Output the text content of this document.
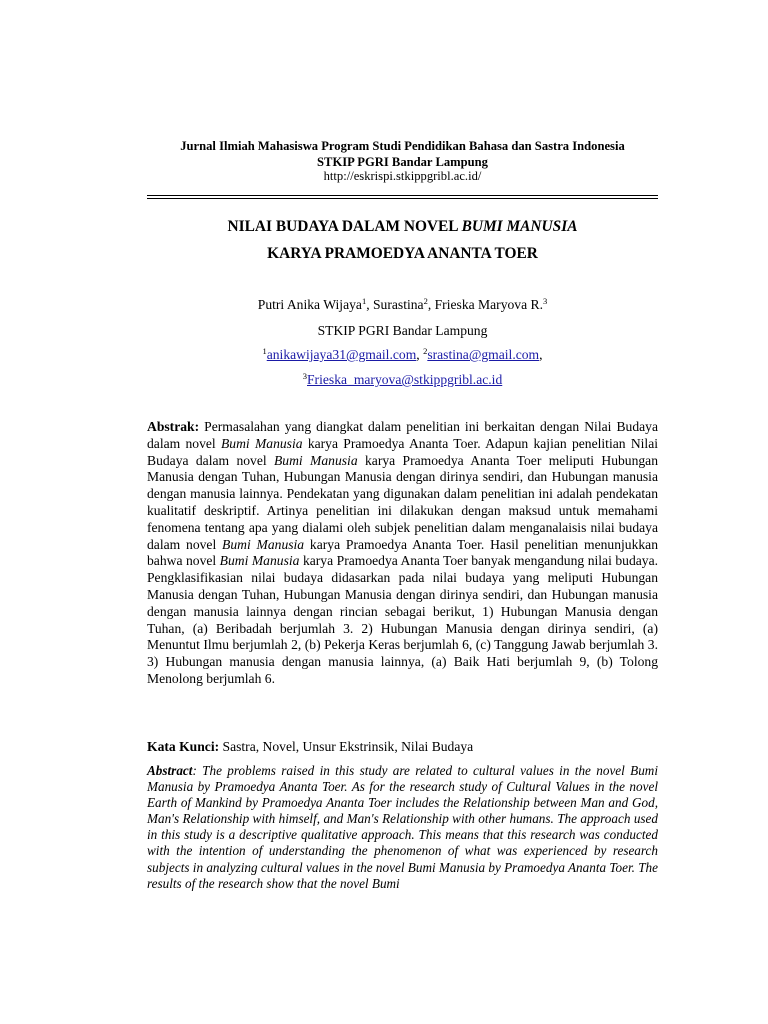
Jurnal Ilmiah Mahasiswa Program Studi Pendidikan Bahasa dan Sastra Indonesia
STKIP PGRI Bandar Lampung
http://eskrispi.stkippgribl.ac.id/
NILAI BUDAYA DALAM NOVEL BUMI MANUSIA
KARYA PRAMOEDYA ANANTA TOER
Putri Anika Wijaya$^1$, Surastina$^2$, Frieska Maryova R.$^3$
STKIP PGRI Bandar Lampung
$^1$anikawijaya31@gmail.com, $^2$srastina@gmail.com,
$^3$Frieska_maryova@stkippgribl.ac.id
Abstrak: Permasalahan yang diangkat dalam penelitian ini berkaitan dengan Nilai Budaya dalam novel Bumi Manusia karya Pramoedya Ananta Toer. Adapun kajian penelitian Nilai Budaya dalam novel Bumi Manusia karya Pramoedya Ananta Toer meliputi Hubungan Manusia dengan Tuhan, Hubungan Manusia dengan dirinya sendiri, dan Hubungan manusia dengan manusia lainnya. Pendekatan yang digunakan dalam penelitian ini adalah pendekatan kualitatif deskriptif. Artinya penelitian ini dilakukan dengan maksud untuk memahami fenomena tentang apa yang dialami oleh subjek penelitian dalam menganalaisis nilai budaya dalam novel Bumi Manusia karya Pramoedya Ananta Toer. Hasil penelitian menunjukkan bahwa novel Bumi Manusia karya Pramoedya Ananta Toer banyak mengandung nilai budaya. Pengklasifikasian nilai budaya didasarkan pada nilai budaya yang meliputi Hubungan Manusia dengan Tuhan, Hubungan Manusia dengan dirinya sendiri, dan Hubungan manusia dengan manusia lainnya dengan rincian sebagai berikut, 1) Hubungan Manusia dengan Tuhan, (a) Beribadah berjumlah 3. 2) Hubungan Manusia dengan dirinya sendiri, (a) Menuntut Ilmu berjumlah 2, (b) Pekerja Keras berjumlah 6, (c) Tanggung Jawab berjumlah 3. 3) Hubungan manusia dengan manusia lainnya, (a) Baik Hati berjumlah 9, (b) Tolong Menolong berjumlah 6.
Kata Kunci: Sastra, Novel, Unsur Ekstrinsik, Nilai Budaya
Abstract: The problems raised in this study are related to cultural values in the novel Bumi Manusia by Pramoedya Ananta Toer. As for the research study of Cultural Values in the novel Earth of Mankind by Pramoedya Ananta Toer includes the Relationship between Man and God, Man's Relationship with himself, and Man's Relationship with other humans. The approach used in this study is a descriptive qualitative approach. This means that this research was conducted with the intention of understanding the phenomenon of what was experienced by research subjects in analyzing cultural values in the novel Bumi Manusia by Pramoedya Ananta Toer. The results of the research show that the novel Bumi
